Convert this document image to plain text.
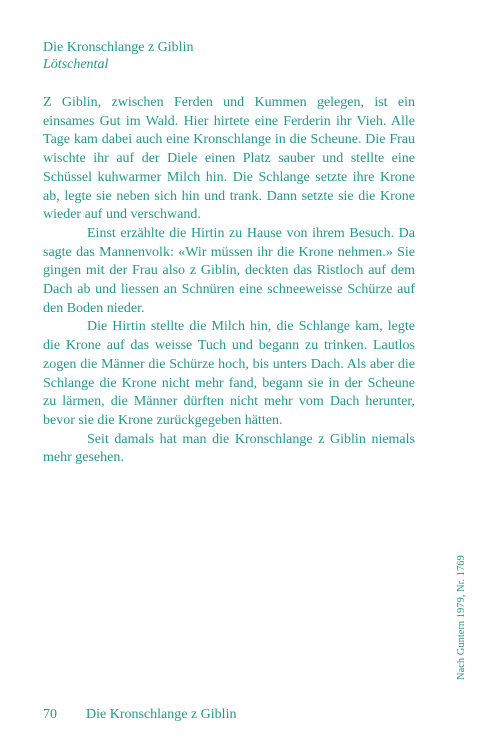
Die Kronschlange z Giblin
Lötschental

Z Giblin, zwischen Ferden und Kummen gelegen, ist ein einsames Gut im Wald. Hier hirtete eine Ferderin ihr Vieh. Alle Tage kam dabei auch eine Kronschlange in die Scheune. Die Frau wischte ihr auf der Diele einen Platz sauber und stellte eine Schüssel kuhwarmer Milch hin. Die Schlange setzte ihre Krone ab, legte sie neben sich hin und trank. Dann setzte sie die Krone wieder auf und verschwand.

Einst erzählte die Hirtin zu Hause von ihrem Besuch. Da sagte das Mannenvolk: «Wir müssen ihr die Krone nehmen.» Sie gingen mit der Frau also z Giblin, deckten das Ristloch auf dem Dach ab und liessen an Schnüren eine schneeweisse Schürze auf den Boden nieder.

Die Hirtin stellte die Milch hin, die Schlange kam, legte die Krone auf das weisse Tuch und begann zu trinken. Lautlos zogen die Männer die Schürze hoch, bis unters Dach. Als aber die Schlange die Krone nicht mehr fand, begann sie in der Scheune zu lärmen, die Männer dürften nicht mehr vom Dach herunter, bevor sie die Krone zurückgegeben hätten.

Seit damals hat man die Kronschlange z Giblin niemals mehr gesehen.

Nach Guntern 1979, Nr. 1769
70 Die Kronschlange z Giblin
